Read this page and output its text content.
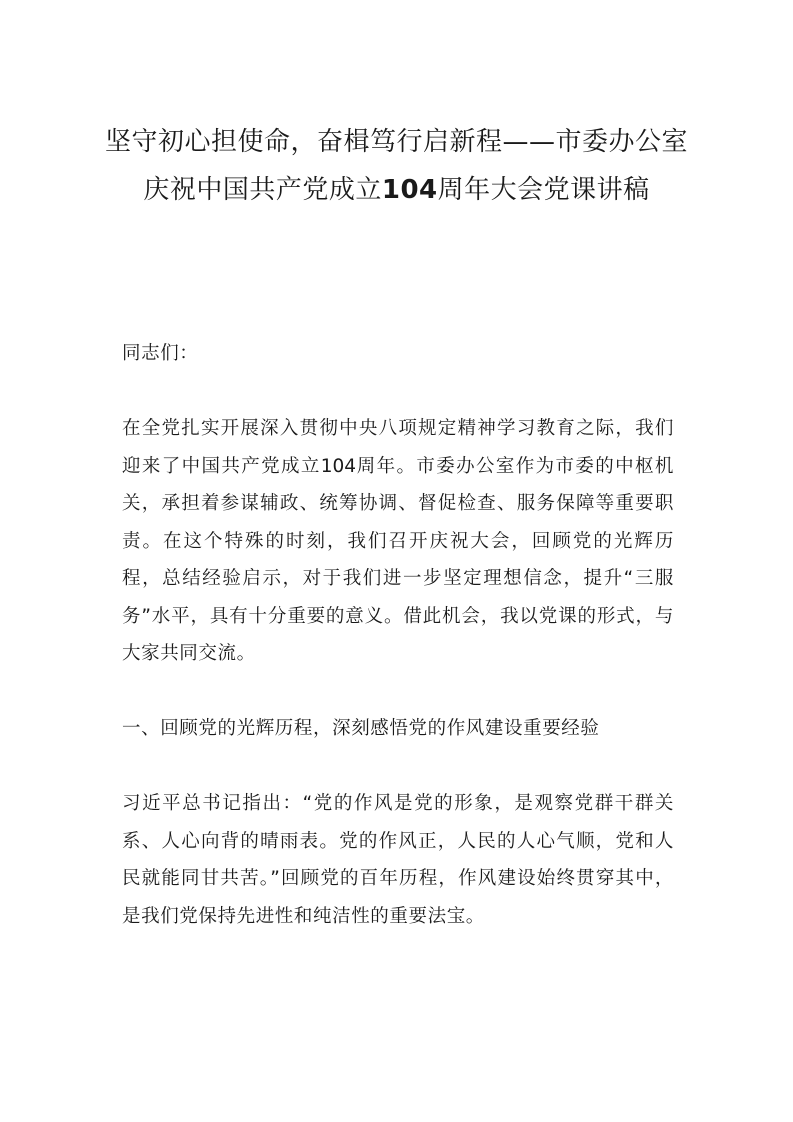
坚守初心担使命，奋楫笃行启新程——市委办公室庆祝中国共产党成立104周年大会党课讲稿

同志们：

在全党扎实开展深入贯彻中央八项规定精神学习教育之际，我们迎来了中国共产党成立104周年。市委办公室作为市委的中枢机关，承担着参谋辅政、统筹协调、督促检查、服务保障等重要职责。在这个特殊的时刻，我们召开庆祝大会，回顾党的光辉历程，总结经验启示，对于我们进一步坚定理想信念，提升“三服务”水平，具有十分重要的意义。借此机会，我以党课的形式，与大家共同交流。

一、回顾党的光辉历程，深刻感悟党的作风建设重要经验

习近平总书记指出：“党的作风是党的形象，是观察党群干群关系、人心向背的晴雨表。党的作风正，人民的人心气顺，党和人民就能同甘共苦。”回顾党的百年历程，作风建设始终贯穿其中，是我们党保持先进性和纯洁性的重要法宝。
